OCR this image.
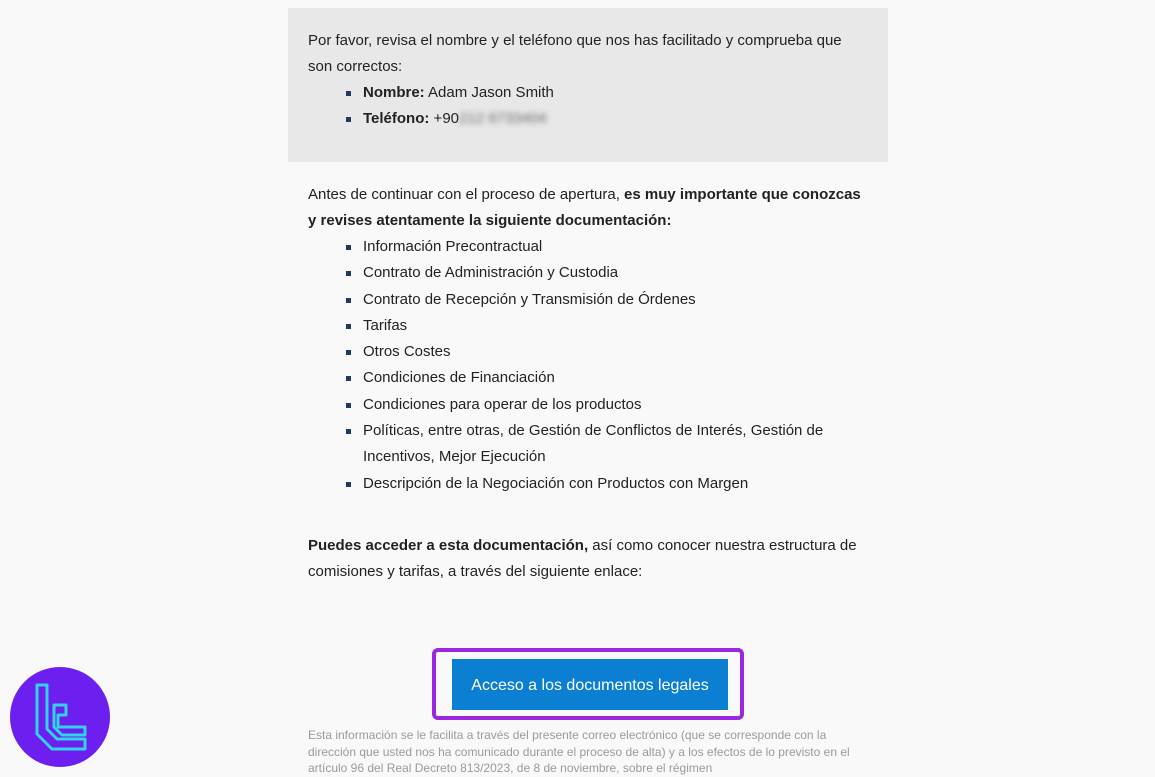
Por favor, revisa el nombre y el teléfono que nos has facilitado y comprueba que son correctos:

Nombre: Adam Jason Smith
Teléfono: +90212 6733404

Antes de continuar con el proceso de apertura, es muy importante que conozcas y revises atentamente la siguiente documentación:

Información Precontractual
Contrato de Administración y Custodia
Contrato de Recepción y Transmisión de Órdenes
Tarifas
Otros Costes
Condiciones de Financiación
Condiciones para operar de los productos
Políticas, entre otras, de Gestión de Conflictos de Interés, Gestión de Incentivos, Mejor Ejecución
Descripción de la Negociación con Productos con Margen

Puedes acceder a esta documentación, así como conocer nuestra estructura de comisiones y tarifas, a través del siguiente enlace:

Acceso a los documentos legales
Esta información se le facilita a través del presente correo electrónico (que se corresponde con la dirección que usted nos ha comunicado durante el proceso de alta) y a los efectos de lo previsto en el artículo 96 del Real Decreto 813/2023, de 8 de noviembre, sobre el régimen
